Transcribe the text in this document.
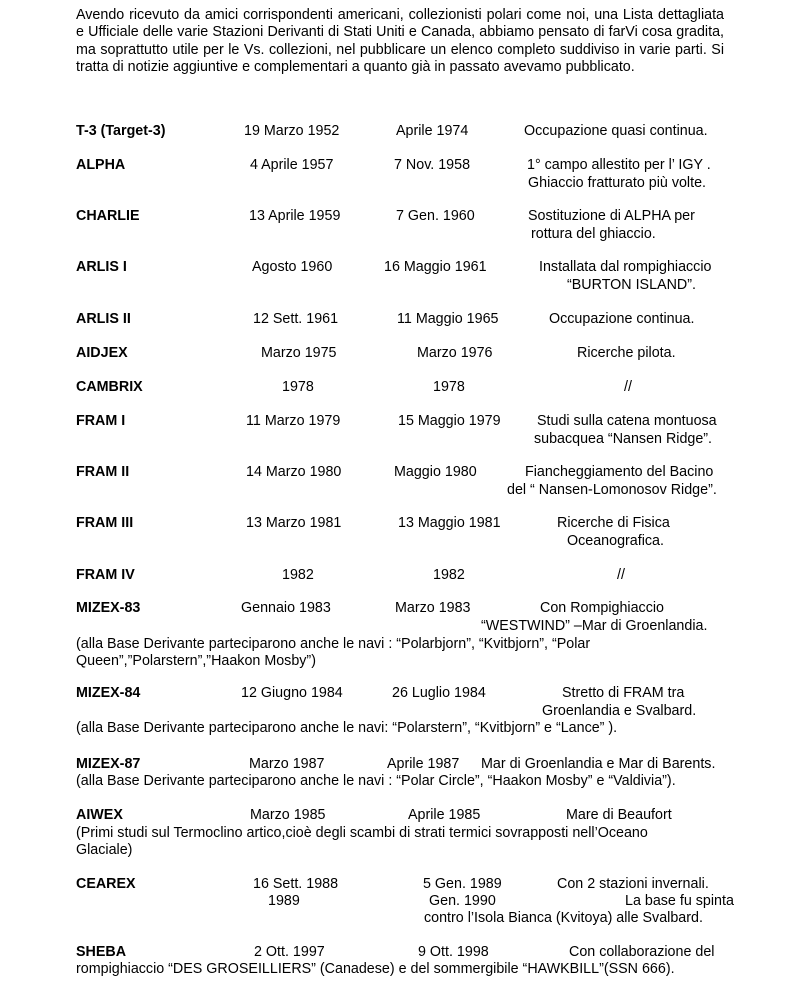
Avendo ricevuto da amici corrispondenti americani, collezionisti polari come noi, una Lista dettagliata e Ufficiale delle varie Stazioni Derivanti di Stati Uniti e Canada, abbiamo pensato di farVi cosa gradita, ma soprattutto utile per le Vs. collezioni, nel pubblicare un elenco completo suddiviso in varie parti. Si tratta di notizie aggiuntive e complementari a quanto già in passato avevamo pubblicato.

T-3 (Target-3)	19 Marzo 1952	Aprile 1974	Occupazione quasi continua.
ALPHA	4 Aprile 1957	7 Nov. 1958	1° campo allestito per l’ IGY .
Ghiaccio fratturato più volte.
CHARLIE	13 Aprile 1959	7 Gen. 1960	Sostituzione di ALPHA per
rottura del ghiaccio.
ARLIS I	Agosto 1960	16 Maggio 1961	Installata dal rompighiaccio
“BURTON ISLAND”.
ARLIS II	12 Sett. 1961	11 Maggio 1965	Occupazione continua.
AIDJEX	Marzo 1975	Marzo 1976	Ricerche pilota.
CAMBRIX	1978	1978	//
FRAM I	11 Marzo 1979	15 Maggio 1979	Studi sulla catena montuosa
subacquea “Nansen Ridge”.
FRAM II	14 Marzo 1980	Maggio 1980	Fiancheggiamento del Bacino
del “ Nansen-Lomonosov Ridge”.
FRAM III	13 Marzo 1981	13 Maggio 1981	Ricerche di Fisica
Oceanografica.
FRAM IV	1982	1982	//
MIZEX-83	Gennaio 1983	Marzo 1983	Con Rompighiaccio
“WESTWIND” –Mar di Groenlandia.
(alla Base Derivante parteciparono anche le navi : “Polarbjorn”, “Kvitbjorn”, “Polar
Queen”,”Polarstern”,”Haakon Mosby”)
MIZEX-84	12 Giugno 1984	26 Luglio 1984	Stretto di FRAM tra
Groenlandia e Svalbard.
(alla Base Derivante parteciparono anche le navi: “Polarstern”, “Kvitbjorn” e “Lance” ).
MIZEX-87	Marzo 1987	Aprile 1987 Mar di Groenlandia e Mar di Barents.
(alla Base Derivante parteciparono anche le navi : “Polar Circle”, “Haakon Mosby” e “Valdivia”).
AIWEX	Marzo 1985	Aprile 1985	Mare di Beaufort
(Primi studi sul Termoclino artico,cioè degli scambi di strati termici sovrapposti nell’Oceano
Glaciale)
CEAREX	16 Sett. 1988	5 Gen. 1989	Con 2 stazioni invernali.
1989	Gen. 1990	La base fu spinta
contro l’Isola Bianca (Kvitoya) alle Svalbard.
SHEBA	2 Ott. 1997	9 Ott. 1998	Con collaborazione del
rompighiaccio “DES GROSEILLIERS” (Canadese) e del sommergibile “HAWKBILL”(SSN 666).
